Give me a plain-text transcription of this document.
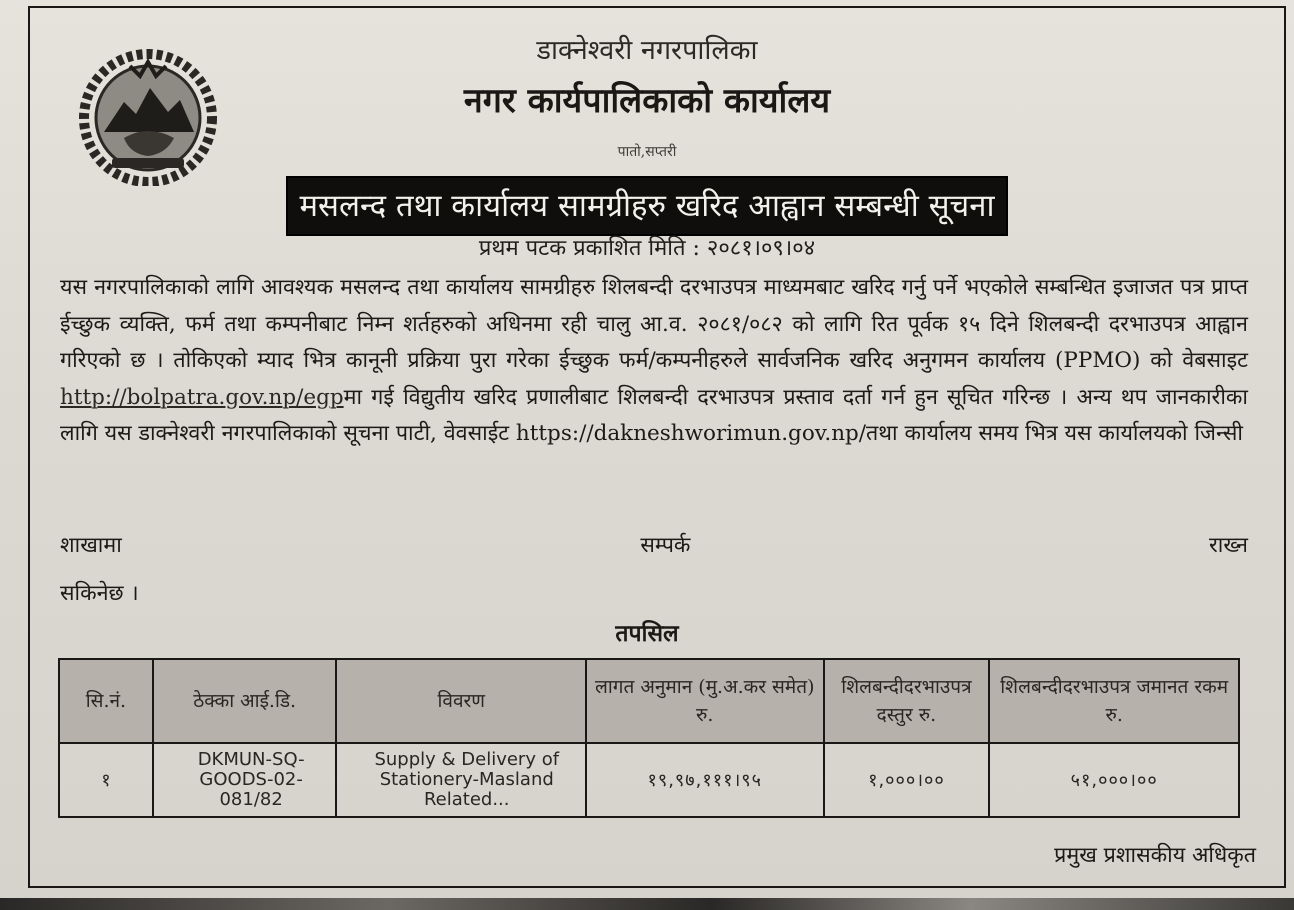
डाक्नेश्वरी नगरपालिका
नगर कार्यपालिकाको कार्यालय
पातो,सप्तरी
मसलन्द तथा कार्यालय सामग्रीहरु खरिद आह्वान सम्बन्धी सूचना
प्रथम पटक प्रकाशित मिति : २०८१।०९।०४
यस नगरपालिकाको लागि आवश्यक मसलन्द तथा कार्यालय सामग्रीहरु शिलबन्दी दरभाउपत्र माध्यमबाट खरिद गर्नु पर्ने भएकोले सम्बन्धित इजाजत पत्र प्राप्त ईच्छुक व्यक्ति, फर्म तथा कम्पनीबाट निम्न शर्तहरुको अधिनमा रही चालु आ.व. २०८१/०८२ को लागि रित पूर्वक १५ दिने शिलबन्दी दरभाउपत्र आह्वान गरिएको छ । तोकिएको म्याद भित्र कानूनी प्रक्रिया पुरा गरेका ईच्छुक फर्म/कम्पनीहरुले सार्वजनिक खरिद अनुगमन कार्यालय (PPMO) को वेबसाइट http://bolpatra.gov.np/egpमा गई विद्युतीय खरिद प्रणालीबाट शिलबन्दी दरभाउपत्र प्रस्ताव दर्ता गर्न हुन सूचित गरिन्छ । अन्य थप जानकारीका लागि यस डाक्नेश्वरी नगरपालिकाको सूचना पाटी, वेवसाईट https://dakneshworimun.gov.np/तथा कार्यालय समय भित्र यस कार्यालयको जिन्सी
शाखामा	सम्पर्क	राख्न
सकिनेछ ।
तपसिल
सि.नं.	ठेक्का आई.डि.	विवरण	लागत अनुमान (मु.अ.कर समेत) रु.	शिलबन्दीदरभाउपत्र दस्तुर रु.	शिलबन्दीदरभाउपत्र जमानत रकम रु.
१	DKMUN-SQ-GOODS-02-081/82	Supply & Delivery of Stationery-Masland Related...	१९,९७,१११।९५	१,०००।००	५१,०००।००
प्रमुख प्रशासकीय अधिकृत
